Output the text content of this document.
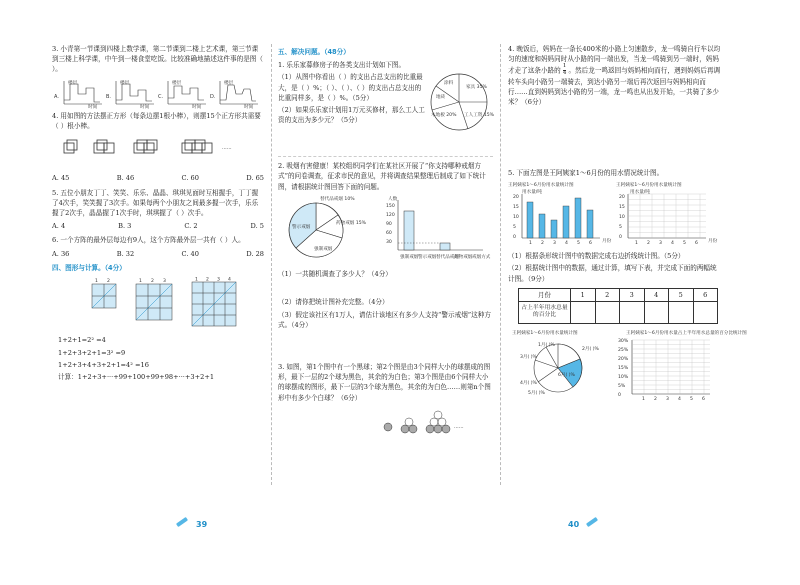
3. 小青第一节课到四楼上数学课，第二节课到二楼上艺术课，第三节课到三楼上科学课，中午到一楼食堂吃饭。比较准确地描述这件事的是图（ ）。
A.	B.	C.	D.
楼层	楼层	楼层	楼层
时间	时间	时间	时间
4. 用如图的方法摆正方形（每条边摆1根小棒），则摆15个正方形共需要（ ）根小棒。
······
A. 45	B. 46	C. 60	D. 65
5. 五位小朋友丁丁、笑笑、乐乐、晶晶、琪琪见面时互相握手，丁丁握了4次手，笑笑握了3次手。如果每两个小朋友之间最多握一次手，乐乐握了2次手，晶晶握了1次手时，琪琪握了（ ）次手。
A. 4	B. 3	C. 2	D. 5
6. 一个方阵的最外层每边有9人，这个方阵最外层一共有（ ）人。
A. 36	B. 32	C. 40	D. 28
四、图形与计算。（4分）
1 2	1 2 3	1 2 3 4
1+2+1=2² =4
1+2+3+2+1=3² =9
1+2+3+4+3+2+1=4² =16
计算：1+2+3+···+99+100+99+98+···+3+2+1
五、解决问题。（48分）
1. 乐乐家募修房子的各类支出计划如下图。
（1）从图中你看出（ ）的支出占总支出的比重最大，是（ ）%；（ ）、（ ）、（ ）的支出占总支出的比重同样多，是（ ）%。（5分）
（2）如果乐乐家计划用1万元买修材，那么工人工资的支出为多少元？（5分）
家具 35%
涂料
地砖
木地板 20% 工人工资 15%
2. 吸烟有害健康！某校组织同学们在某社区开展了“你支持哪种戒烟方式”的问卷调查，征求市民的意见，并将调查结果整理后制成了如下统计图，请根据统计图回答下面的问题。
替代品戒烟 10%
药物戒烟 15%
警示戒烟
强制戒烟
人数
150
120
90
60
30
强制戒烟 警示戒烟 替代品戒烟
药物戒烟 戒烟方式
（1）一共随机调查了多少人？（4分）
（2）请你把统计图补充完整。（4分）
（3）假定该社区有1万人，请估计该地区有多少人支持“警示戒烟”这种方式。（4分）
3. 如图，第1个图中有一个黑球；第2个图是由3个同样大小的球摆成的图形，最下一层的2个球为黑色，其余的为白色；第3个图是由6个同样大小的球摆成的图形，最下一层的3个球为黑色，其余的为白色……则第n个图形中有多少个白球？（6分）
······
4. 晚饭后，妈妈在一条长400米的小路上匀速散步，龙一鸣骑自行车以均匀的速度和妈妈同时从小路的同一端出发，当龙一鸣骑到另一端时，妈妈才走了这条小路的 $\frac{1}{4}$ 。然后龙一鸣返回与妈妈相向而行，遇到妈妈后再调转车头向小路另一端骑去，到达小路另一端后再次返回与妈妈相向而行……直到妈妈到达小路的另一端，龙一鸣也从出发开始，一共骑了多少米？（6分）
5. 下面左图是王阿姨家1～6月份的用水情况统计图。
王阿姨家1～6月份用水量统计图	王阿姨家1～6月份用水量统计图
用水量/吨	用水量/吨
20
15
10
5
0
1 2 3 4 5 6
20
15
10
5
0
1 2 3 4 5 6
月份	月份
（1）根据条形统计图中的数据完成右边折线统计图。（5分）
（2）根据统计图中的数据，通过计算，填写下表，并完成下面的两幅统计图。（9分）
月份	1	2	3	4	5	6
占上半年用水总量的百分比						
王阿姨家1～6月份用水量统计图
1月( )%
2月( )%
3月( )%
4月( )%
5月( )%
6月( )%
王阿姨家1～6月份用水量占上半年用水总量的百分比统计图
30%
25%
20%
15%
10%
5%
0
1 2 3 4 5 6
39	40
